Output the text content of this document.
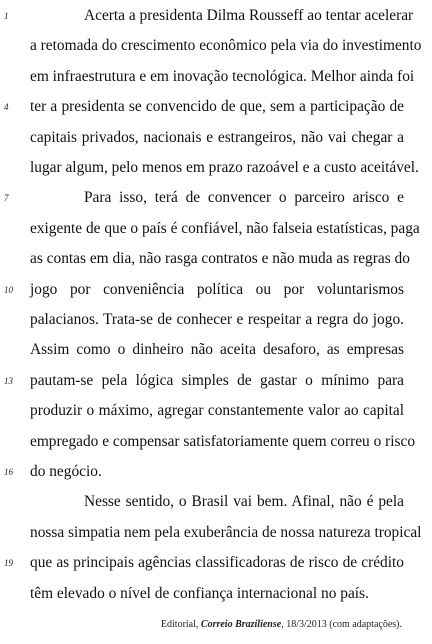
Acerta a presidenta Dilma Rousseff ao tentar acelerar
a retomada do crescimento econômico pela via do investimento
em infraestrutura e em inovação tecnológica. Melhor ainda foi
ter a presidenta se convencido de que, sem a participação de
capitais privados, nacionais e estrangeiros, não vai chegar a
lugar algum, pelo menos em prazo razoável e a custo aceitável.
Para isso, terá de convencer o parceiro arisco e
exigente de que o país é confiável, não falseia estatísticas, paga
as contas em dia, não rasga contratos e não muda as regras do
jogo por conveniência política ou por voluntarismos
palacianos. Trata-se de conhecer e respeitar a regra do jogo.
Assim como o dinheiro não aceita desaforo, as empresas
pautam-se pela lógica simples de gastar o mínimo para
produzir o máximo, agregar constantemente valor ao capital
empregado e compensar satisfatoriamente quem correu o risco
do negócio.
Nesse sentido, o Brasil vai bem. Afinal, não é pela
nossa simpatia nem pela exuberância de nossa natureza tropical
que as principais agências classificadoras de risco de crédito
têm elevado o nível de confiança internacional no país.
1
4
7
10
13
16
19
Editorial, Correio Braziliense, 18/3/2013 (com adaptações).
